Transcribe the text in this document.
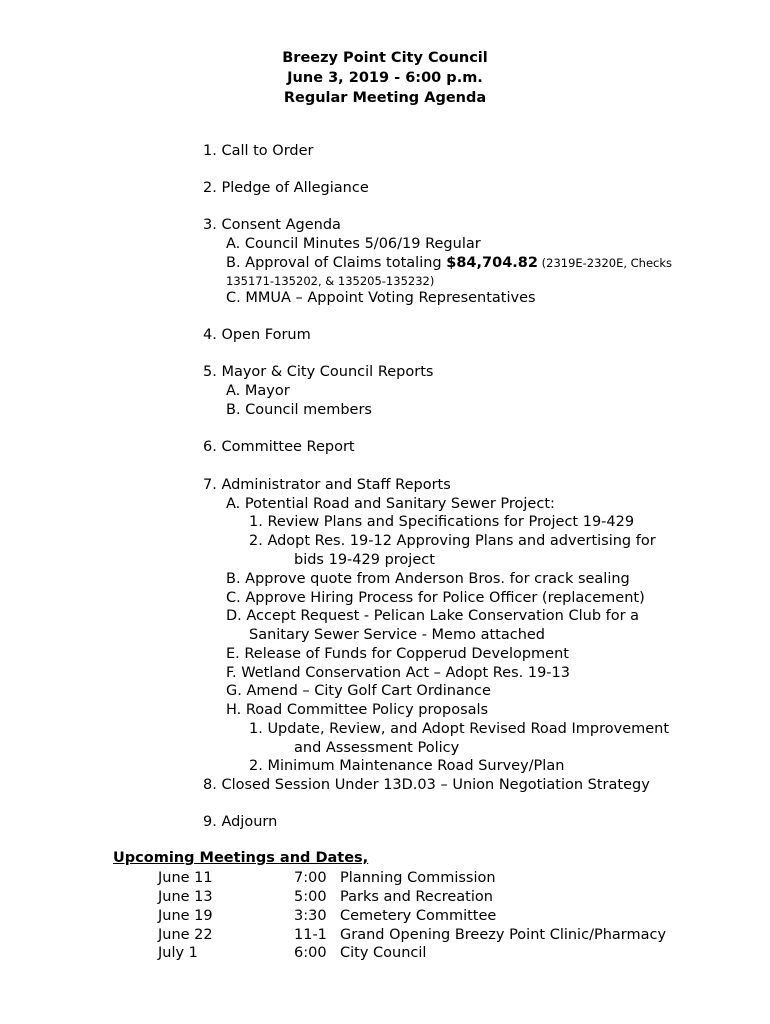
Breezy Point City Council
June 3, 2019 - 6:00 p.m.
Regular Meeting Agenda
1. Call to Order
2. Pledge of Allegiance
3. Consent Agenda
A. Council Minutes 5/06/19 Regular
B. Approval of Claims totaling $84,704.82 (2319E-2320E, Checks
135171-135202, & 135205-135232)
C. MMUA – Appoint Voting Representatives
4. Open Forum
5. Mayor & City Council Reports
A. Mayor
B. Council members
6. Committee Report
7. Administrator and Staff Reports
A. Potential Road and Sanitary Sewer Project:
1. Review Plans and Specifications for Project 19-429
2. Adopt Res. 19-12 Approving Plans and advertising for
bids 19-429 project
B. Approve quote from Anderson Bros. for crack sealing
C. Approve Hiring Process for Police Officer (replacement)
D. Accept Request - Pelican Lake Conservation Club for a
Sanitary Sewer Service - Memo attached
E. Release of Funds for Copperud Development
F. Wetland Conservation Act – Adopt Res. 19-13
G. Amend – City Golf Cart Ordinance
H. Road Committee Policy proposals
1. Update, Review, and Adopt Revised Road Improvement
and Assessment Policy
2. Minimum Maintenance Road Survey/Plan
8. Closed Session Under 13D.03 – Union Negotiation Strategy
9. Adjourn
Upcoming Meetings and Dates,
June 11	7:00 Planning Commission
June 13	5:00 Parks and Recreation
June 19	3:30 Cemetery Committee
June 22	11-1 Grand Opening Breezy Point Clinic/Pharmacy
July 1	6:00 City Council
